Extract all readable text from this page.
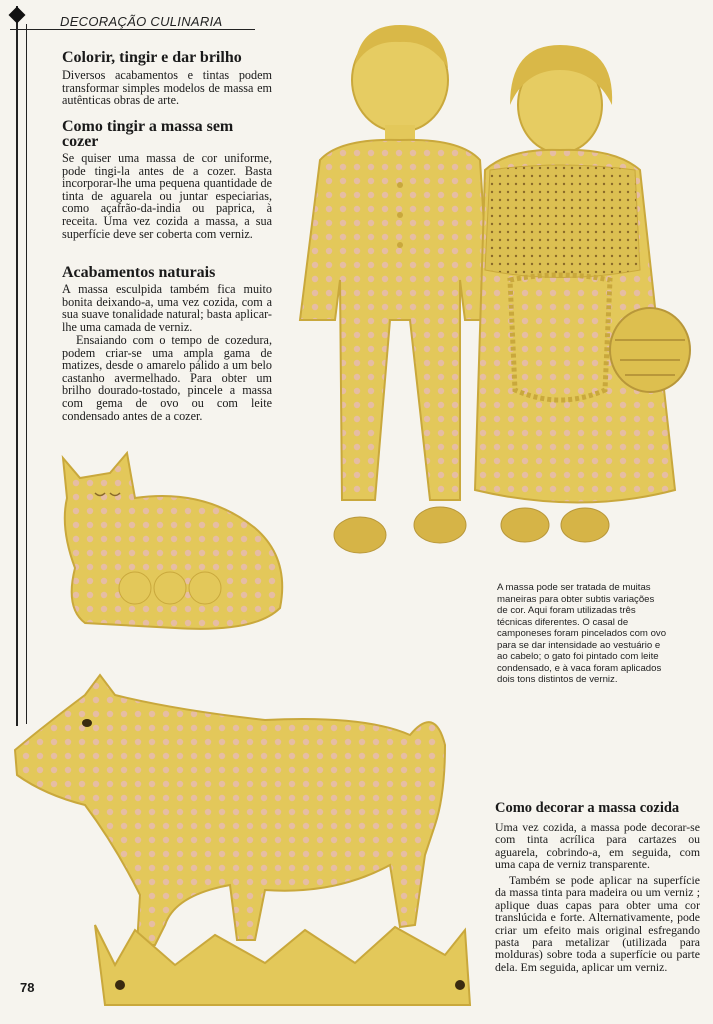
DECORAÇÃO CULINARIA
Colorir, tingir e dar brilho

Diversos acabamentos e tintas podem transformar simples modelos de massa em autênticas obras de arte.

Como tingir a massa sem cozer

Se quiser uma massa de cor uniforme, pode tingi-la antes de a cozer. Basta incorporar-lhe uma pequena quantidade de tinta de aguarela ou juntar especiarias, como açafrão-da-india ou paprica, à receita. Uma vez cozida a massa, a sua superfície deve ser coberta com verniz.

Acabamentos naturais

A massa esculpida também fica muito bonita deixando-a, uma vez cozida, com a sua suave tonalidade natural; basta aplicar-lhe uma camada de verniz.

Ensaiando com o tempo de cozedura, podem criar-se uma ampla gama de matizes, desde o amarelo pálido a um belo castanho avermelhado. Para obter um brilho dourado-tostado, pincele a massa com gema de ovo ou com leite condensado antes de a cozer.

A massa pode ser tratada de muitas maneiras para obter subtis variações de cor. Aqui foram utilizadas três técnicas diferentes. O casal de camponeses foram pincelados com ovo para se dar intensidade ao vestuário e ao cabelo; o gato foi pintado com leite condensado, e à vaca foram aplicados dois tons distintos de verniz.
Como decorar a massa cozida

Uma vez cozida, a massa pode decorar-se com tinta acrílica para cartazes ou aguarela, cobrindo-a, em seguida, com uma capa de verniz transparente.

Também se pode aplicar na superfície da massa tinta para madeira ou um verniz ; aplique duas capas para obter uma cor translúcida e forte. Alternativamente, pode criar um efeito mais original esfregando pasta para metalizar (utilizada para molduras) sobre toda a superfície ou parte dela. Em seguida, aplicar um verniz.

78
